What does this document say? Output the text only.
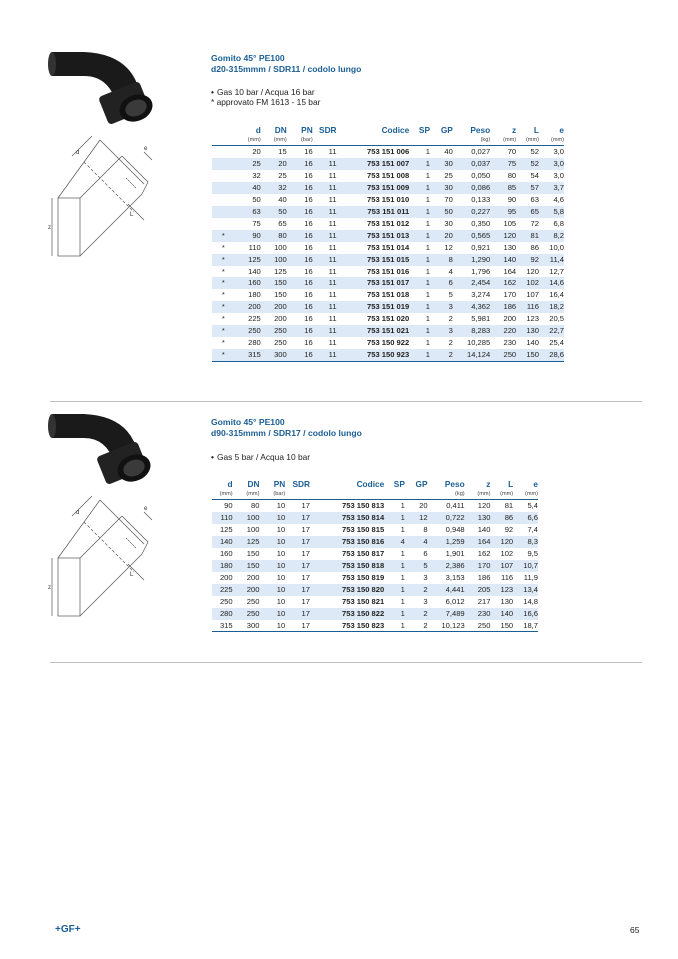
z
d
L
e
Gomito 45° PE100
d20-315mmm / SDR11 / codolo lungo
• Gas 10 bar / Acqua 16 bar
* approvato FM 1613 - 15 bar
	d	DN	PN	SDR	Codice	SP	GP	Peso	z	L	e
	(mm)	(mm)	(bar)					(kg)	(mm)	(mm)	(mm)
	20	15	16	11	753 151 006	1	40	0,027	70	52	3,0
	25	20	16	11	753 151 007	1	30	0,037	75	52	3,0
	32	25	16	11	753 151 008	1	25	0,050	80	54	3,0
	40	32	16	11	753 151 009	1	30	0,086	85	57	3,7
	50	40	16	11	753 151 010	1	70	0,133	90	63	4,6
	63	50	16	11	753 151 011	1	50	0,227	95	65	5,8
	75	65	16	11	753 151 012	1	30	0,350	105	72	6,8
*	90	80	16	11	753 151 013	1	20	0,565	120	81	8,2
*	110	100	16	11	753 151 014	1	12	0,921	130	86	10,0
*	125	100	16	11	753 151 015	1	8	1,290	140	92	11,4
*	140	125	16	11	753 151 016	1	4	1,796	164	120	12,7
*	160	150	16	11	753 151 017	1	6	2,454	162	102	14,6
*	180	150	16	11	753 151 018	1	5	3,274	170	107	16,4
*	200	200	16	11	753 151 019	1	3	4,362	186	116	18,2
*	225	200	16	11	753 151 020	1	2	5,981	200	123	20,5
*	250	250	16	11	753 151 021	1	3	8,283	220	130	22,7
*	280	250	16	11	753 150 922	1	2	10,285	230	140	25,4
*	315	300	16	11	753 150 923	1	2	14,124	250	150	28,6
z
d
L
e
Gomito 45° PE100
d90-315mmm / SDR17 / codolo lungo
• Gas 5 bar / Acqua 10 bar
d	DN	PN	SDR	Codice	SP	GP	Peso	z	L	e
(mm)	(mm)	(bar)					(kg)	(mm)	(mm)	(mm)
90	80	10	17	753 150 813	1	20	0,411	120	81	5,4
110	100	10	17	753 150 814	1	12	0,722	130	86	6,6
125	100	10	17	753 150 815	1	8	0,948	140	92	7,4
140	125	10	17	753 150 816	4	4	1,259	164	120	8,3
160	150	10	17	753 150 817	1	6	1,901	162	102	9,5
180	150	10	17	753 150 818	1	5	2,386	170	107	10,7
200	200	10	17	753 150 819	1	3	3,153	186	116	11,9
225	200	10	17	753 150 820	1	2	4,441	205	123	13,4
250	250	10	17	753 150 821	1	3	6,012	217	130	14,8
280	250	10	17	753 150 822	1	2	7,489	230	140	16,6
315	300	10	17	753 150 823	1	2	10,123	250	150	18,7
+GF+	65
